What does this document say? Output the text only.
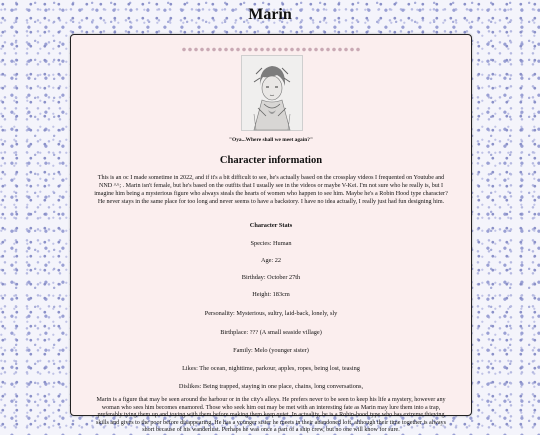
Marin
"Oya...Where shall we meet again?"
Character information

This is an oc I made sometime in 2022, and if it's a bit difficult to see, he's actually based on the crossplay videos I frequented on Youtube and NND ^^; . Marin isn't female, but he's based on the outfits that I usually see in the videos or maybe V-Kei. I'm not sure who he really is, but I imagine him being a mysterious figure who always steals the hearts of women who happen to see him. Maybe he's a Robin Hood type character? He never stays in the same place for too long and never seems to have a backstory. I have no idea actually, I really just had fun designing him.

Character Stats
Species: Human
Age: 22
Birthday: October 27th
Height: 183cm
Personality: Mysterious, sultry, laid-back, lonely, sly
Birthplace: ??? (A small seaside village)
Family: Melo (younger sister)
Likes: The ocean, nighttime, parkour, apples, ropes, being lost, teasing
Dislikes: Being trapped, staying in one place, chains, long conversations,

Marin is a figure that may be seen around the harbour or in the city's alleys. He prefers never to be seen to keep his life a mystery, however any woman who sees him becomes enamored. Those who seek him out may be met with an interesting fate as Marin may lure them into a trap, preferably tying them up and toying with them before making them keep quiet. In actuality, he is a Robin-hood type who has extreme thieving skills and gives to the poor before disappearing. He has a younger sister he meets in their abandoned loft, although their time together is always short because of his wanderlust. Perhaps he was once a part of a ship crew, but no one will know for sure.
